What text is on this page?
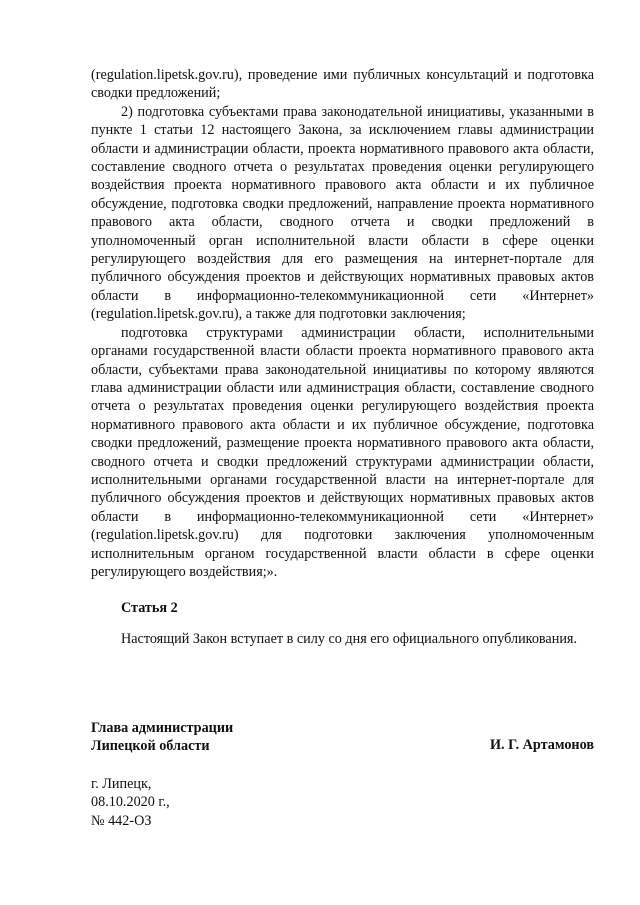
(regulation.lipetsk.gov.ru), проведение ими публичных консультаций и подготовка сводки предложений;

2) подготовка субъектами права законодательной инициативы, указанными в пункте 1 статьи 12 настоящего Закона, за исключением главы администрации области и администрации области, проекта нормативного правового акта области, составление сводного отчета о результатах проведения оценки регулирующего воздействия проекта нормативного правового акта области и их публичное обсуждение, подготовка сводки предложений, направление проекта нормативного правового акта области, сводного отчета и сводки предложений в уполномоченный орган исполнительной власти области в сфере оценки регулирующего воздействия для его размещения на интернет-портале для публичного обсуждения проектов и действующих нормативных правовых актов области в информационно-телекоммуникационной сети «Интернет» (regulation.lipetsk.gov.ru), а также для подготовки заключения;

подготовка структурами администрации области, исполнительными органами государственной власти области проекта нормативного правового акта области, субъектами права законодательной инициативы по которому являются глава администрации области или администрация области, составление сводного отчета о результатах проведения оценки регулирующего воздействия проекта нормативного правового акта области и их публичное обсуждение, подготовка сводки предложений, размещение проекта нормативного правового акта области, сводного отчета и сводки предложений структурами администрации области, исполнительными органами государственной власти на интернет-портале для публичного обсуждения проектов и действующих нормативных правовых актов области в информационно-телекоммуникационной сети «Интернет» (regulation.lipetsk.gov.ru) для подготовки заключения уполномоченным исполнительным органом государственной власти области в сфере оценки регулирующего воздействия;».

Статья 2

Настоящий Закон вступает в силу со дня его официального опубликования.

Глава администрации
Липецкой области	И. Г. Артамонов
г. Липецк,
08.10.2020 г.,
№ 442-ОЗ
